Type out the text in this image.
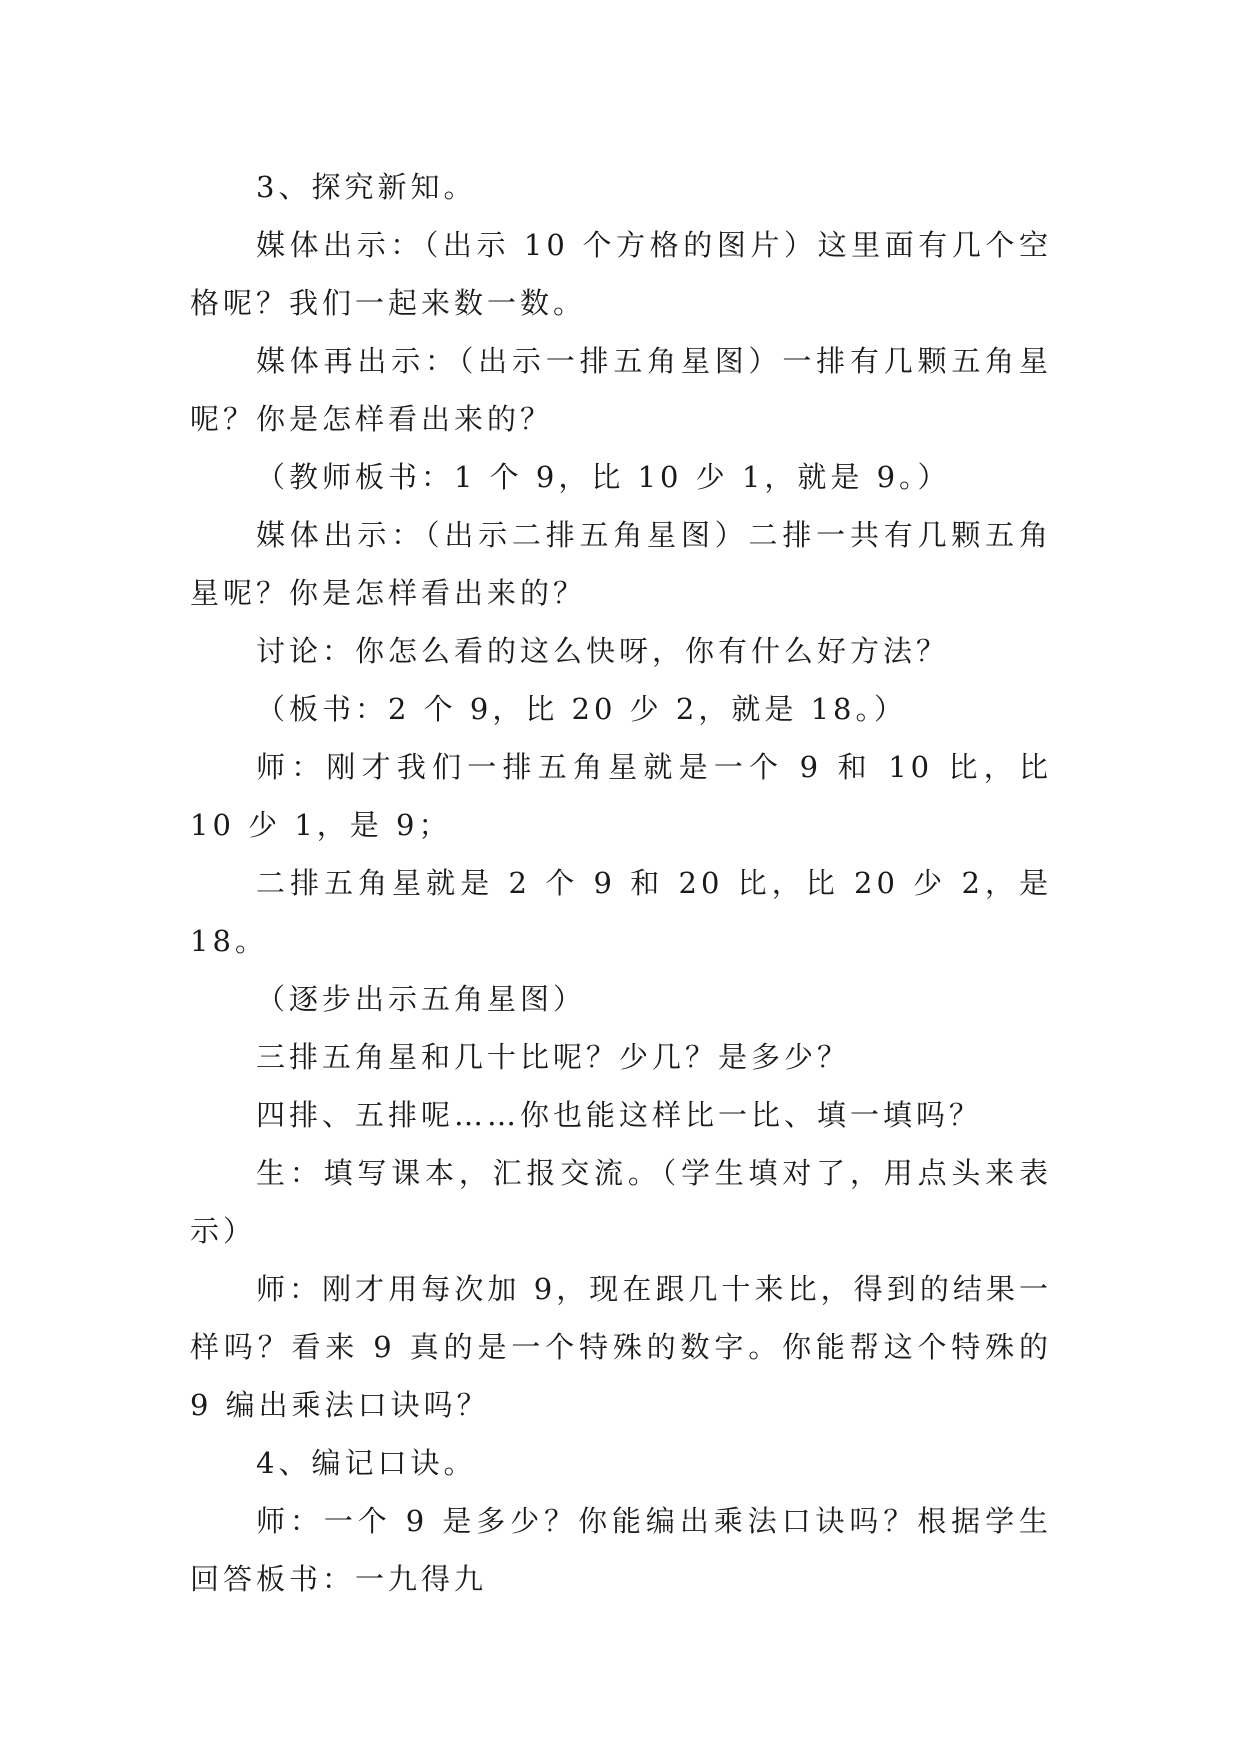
3、探究新知。

媒体出示：（出示 10 个方格的图片）这里面有几个空格呢？我们一起来数一数。

媒体再出示：（出示一排五角星图）一排有几颗五角星呢？你是怎样看出来的？

（教师板书：1 个 9，比 10 少 1，就是 9。）

媒体出示：（出示二排五角星图）二排一共有几颗五角星呢？你是怎样看出来的？

讨论：你怎么看的这么快呀，你有什么好方法？

（板书：2 个 9，比 20 少 2，就是 18。）

师：刚才我们一排五角星就是一个 9 和 10 比，比 10 少 1，是 9；

二排五角星就是 2 个 9 和 20 比，比 20 少 2，是 18。

（逐步出示五角星图）

三排五角星和几十比呢？少几？是多少？

四排、五排呢……你也能这样比一比、填一填吗？

生：填写课本，汇报交流。（学生填对了，用点头来表示）

师：刚才用每次加 9，现在跟几十来比，得到的结果一样吗？看来 9 真的是一个特殊的数字。你能帮这个特殊的 9 编出乘法口诀吗？

4、编记口诀。

师：一个 9 是多少？你能编出乘法口诀吗？根据学生回答板书：一九得九
